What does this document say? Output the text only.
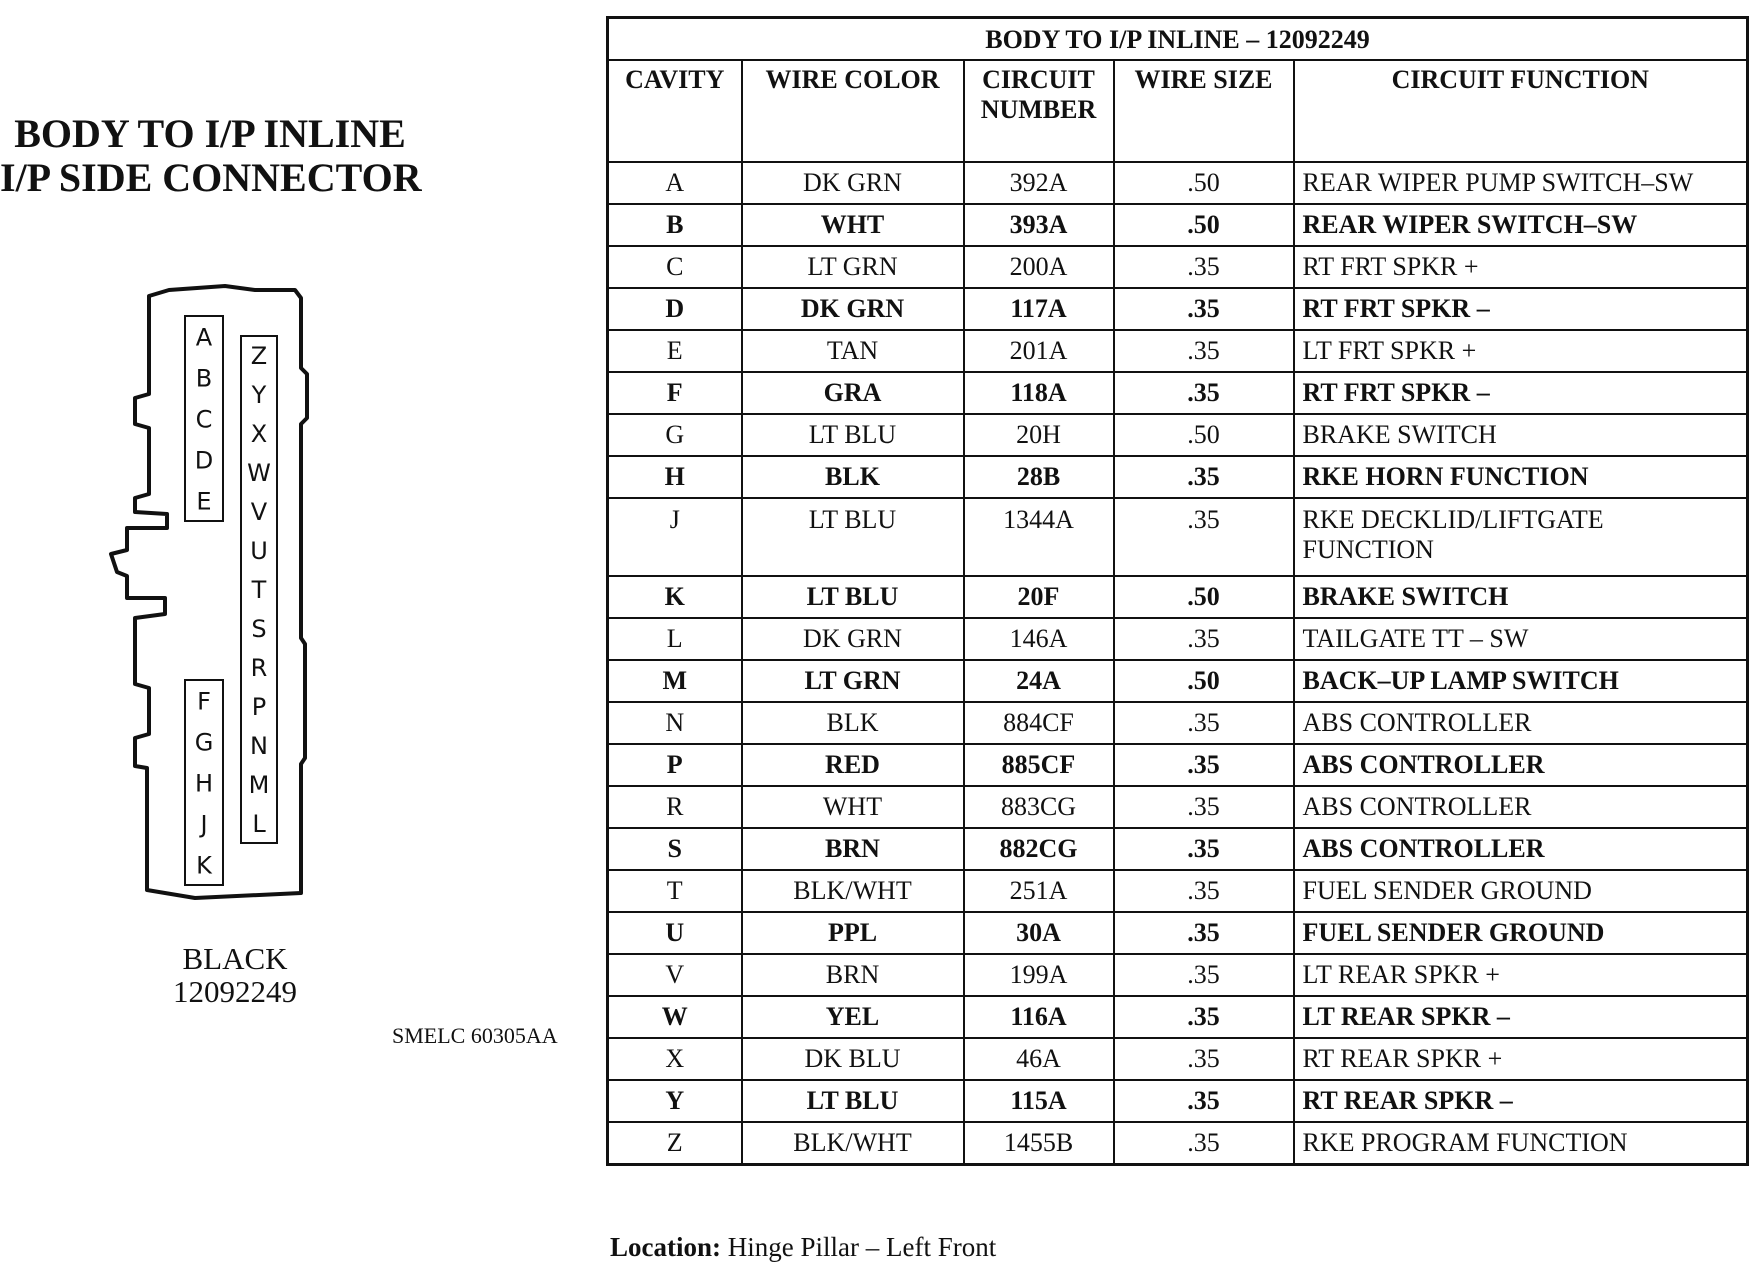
BODY TO I/P INLINE
I/P SIDE CONNECTOR
A
B
C
D
E
F
G
H
J
K
Z
Y
X
W
V
U
T
S
R
P
N
M
L
BLACK
12092249
SMELC 60305AA
BODY TO I/P INLINE – 12092249				
CAVITY	WIRE COLOR	CIRCUIT NUMBER	WIRE SIZE	CIRCUIT FUNCTION
A	DK GRN	392A	.50	REAR WIPER PUMP SWITCH–SW
B	WHT	393A	.50	REAR WIPER SWITCH–SW
C	LT GRN	200A	.35	RT FRT SPKR +
D	DK GRN	117A	.35	RT FRT SPKR –
E	TAN	201A	.35	LT FRT SPKR +
F	GRA	118A	.35	RT FRT SPKR –
G	LT BLU	20H	.50	BRAKE SWITCH
H	BLK	28B	.35	RKE HORN FUNCTION
J	LT BLU	1344A	.35	RKE DECKLID/LIFTGATE FUNCTION
K	LT BLU	20F	.50	BRAKE SWITCH
L	DK GRN	146A	.35	TAILGATE TT – SW
M	LT GRN	24A	.50	BACK–UP LAMP SWITCH
N	BLK	884CF	.35	ABS CONTROLLER
P	RED	885CF	.35	ABS CONTROLLER
R	WHT	883CG	.35	ABS CONTROLLER
S	BRN	882CG	.35	ABS CONTROLLER
T	BLK/WHT	251A	.35	FUEL SENDER GROUND
U	PPL	30A	.35	FUEL SENDER GROUND
V	BRN	199A	.35	LT REAR SPKR +
W	YEL	116A	.35	LT REAR SPKR –
X	DK BLU	46A	.35	RT REAR SPKR +
Y	LT BLU	115A	.35	RT REAR SPKR –
Z	BLK/WHT	1455B	.35	RKE PROGRAM FUNCTION
Location: Hinge Pillar – Left Front
